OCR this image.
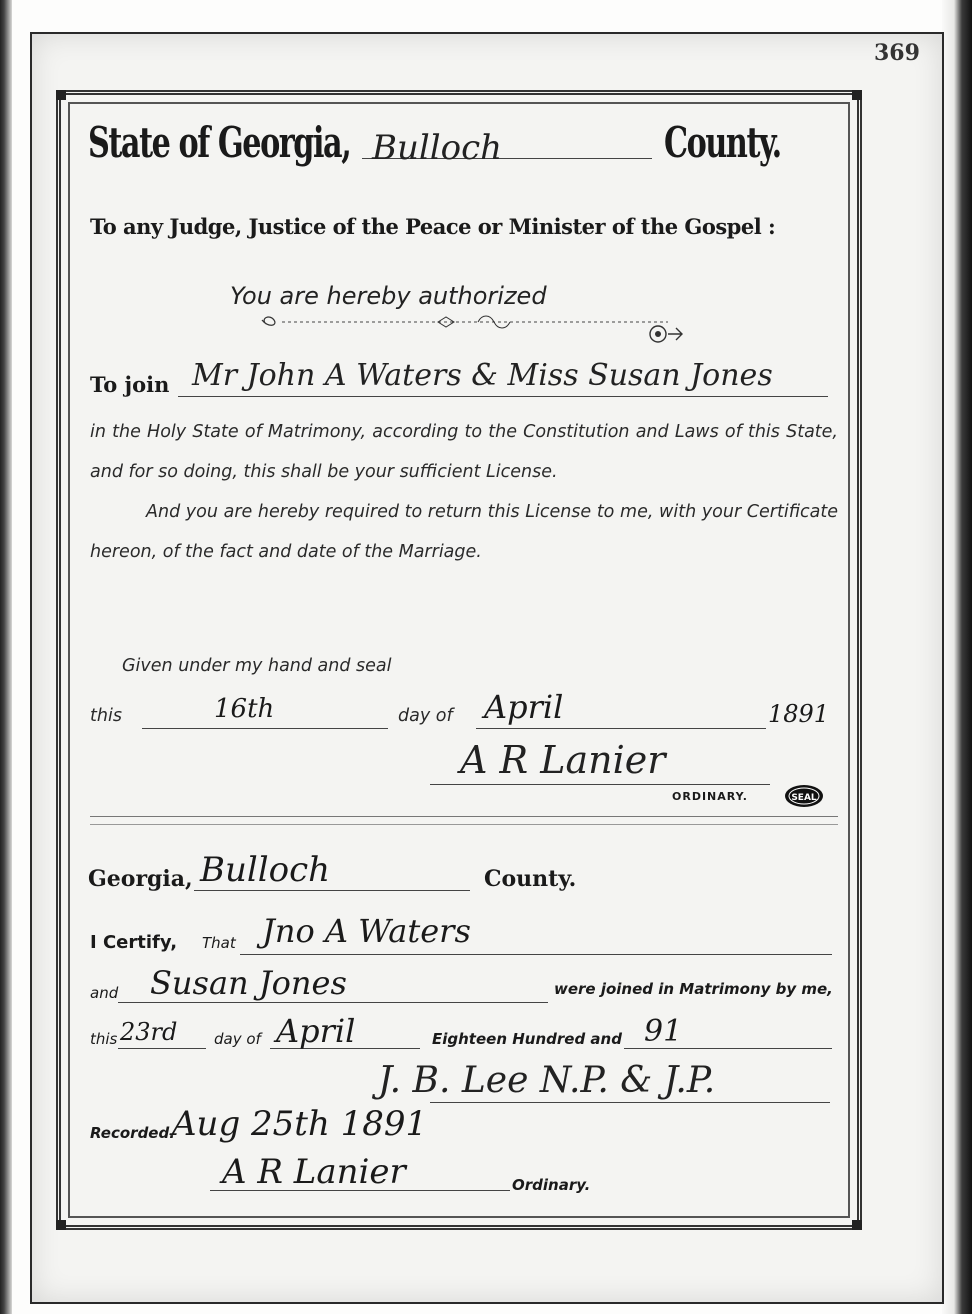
369
State of Georgia, Bulloch	County.
To any Judge, Justice of the Peace or Minister of the Gospel :
You are hereby authorized
To join Mr John A Waters & Miss Susan Jones

in the Holy State of Matrimony, according to the Constitution and Laws of this State, and for so doing, this shall be your sufficient License.

And you are hereby required to return this License to me, with your Certificate hereon, of the fact and date of the Marriage.

Given under my hand and seal
this	16th	day of April	1891
A R Lanier
ORDINARY.	SEAL
Georgia, Bulloch	County.
I Certify, That Jno A Waters
and Susan Jones	were joined in Matrimony by me,
this 23rd day of April	Eighteen Hundred and 91
J. B. Lee N.P. & J.P.
Recorded.
Aug 25th 1891
A R Lanier	Ordinary.
